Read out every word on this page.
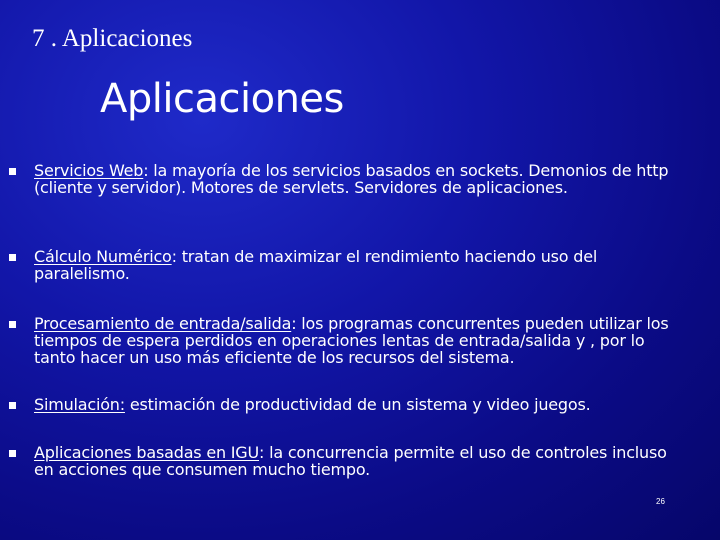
7 . Aplicaciones
Aplicaciones
Servicios Web: la mayoría de los servicios basados en sockets. Demonios de http (cliente y servidor). Motores de servlets. Servidores de aplicaciones.
Cálculo Numérico: tratan de maximizar el rendimiento haciendo uso del paralelismo.
Procesamiento de entrada/salida: los programas concurrentes pueden utilizar los tiempos de espera perdidos en operaciones lentas de entrada/salida y , por lo tanto hacer un uso más eficiente de los recursos del sistema.
Simulación: estimación de productividad de un sistema y video juegos.
Aplicaciones basadas en IGU: la concurrencia permite el uso de controles incluso en acciones que consumen mucho tiempo.
26
